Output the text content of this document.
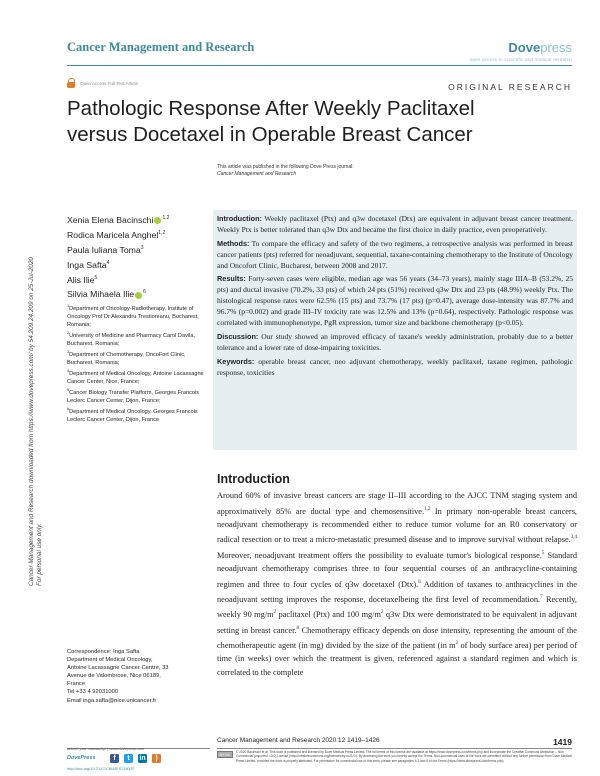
Cancer Management and Research	Dovepress
open access to scientific and medical research
Open Access Full Text Article	ORIGINAL RESEARCH
Pathologic Response After Weekly Paclitaxel
versus Docetaxel in Operable Breast Cancer
This article was published in the following Dove Press journal:
Cancer Management and Research
Xenia Elena Bacinschi $^{1,2}$
Rodica Maricela Anghel$^{1,2}$
Paula Iuliana Toma$^3$
Inga Safta$^4$
Alis Ilie$^5$
Silvia Mihaela Ilie $^6$
$^1$Department of Oncology-Radiotherapy, Institute of Oncology Prof Dr Alexandru Trestioreanu, Bucharest, Romania;
$^2$University of Medicine and Pharmacy Carol Davila, Bucharest, Romania;
$^3$Department of Chemotherapy, OncoFort Clinic, Bucharest, Romania;
$^4$Department of Medical Oncology, Antoine Lacassagne Cancer Center, Nice, France;
$^5$Cancer Biology Transfer Platform, Georges Francois Leclerc Cancer Center, Dijon, France;
$^6$Department of Medical Oncology, Georges Francois Leclerc Cancer Center, Dijon, France

Introduction: Weekly paclitaxel (Ptx) and q3w docetaxel (Dtx) are equivalent in adjuvant breast cancer treatment. Weekly Ptx is better tolerated than q3w Dtx and became the first choice in daily practice, even preoperatively.

Methods: To compare the efficacy and safety of the two regimens, a retrospective analysis was performed in breast cancer patients (pts) referred for neoadjuvant, sequential, taxane-containing chemotherapy to the Institute of Oncology and Oncofort Clinic, Bucharest, between 2008 and 2017.

Results: Forty-seven cases were eligible, median age was 56 years (34–73 years), mainly stage IIIA–B (53.2%, 25 pts) and ductal invasive (70.2%, 33 pts) of which 24 pts (51%) received q3w Dtx and 23 pts (48.9%) weekly Ptx. The histological response rates were 62.5% (15 pts) and 73.7% (17 pts) (p=0.47), average dose-intensity was 87.7% and 96.7% (p=0.002) and grade III–IV toxicity rate was 12.5% and 13% (p=0.64), respectively. Pathologic response was correlated with immunophenotype, PgR expression, tumor size and backbone chemotherapy (p<0.05).

Discussion: Our study showed an improved efficacy of taxane's weekly administration, probably due to a better tolerance and a lower rate of dose-impairing toxicities.

Keywords: operable breast cancer, neo adjuvant chemotherapy, weekly paclitaxel, taxane regimen, pathologic response, toxicities

Introduction
Around 60% of invasive breast cancers are stage II–III according to the AJCC TNM staging system and approximatively 85% are ductal type and chemosensitive.$^{1,2}$ In primary non-operable breast cancers, neoadjuvant chemotherapy is recommended either to reduce tumor volume for an R0 conservatory or radical resection or to treat a micro-metastatic presumed disease and to improve survival without relapse.$^{3,4}$ Moreover, neoadjuvant treatment offers the possibility to evaluate tumor's biological response.$^5$ Standard neoadjuvant chemotherapy comprises three to four sequential courses of an anthracycline-containing regimen and three to four cycles of q3w docetaxel (Dtx).$^6$ Addition of taxanes to anthracyclines in the neoadjuvant setting improves the response, docetaxelbeing the first level of recommendation.$^7$ Recently, weekly 90 $mg/m^2$ paclitaxel (Ptx) and 100 $mg/m^2$ q3w Dtx were demonstrated to be equivalent in adjuvant setting in breast cancer.$^8$ Chemotherapy efficacy depends on dose intensity, representing the amount of the chemotherapeutic agent (in mg) divided by the size of the patient (in $m^2$ of body surface area) per period of time (in weeks) over which the treatment is given, referenced against a standard regimen and which is correlated to the complete
Correspondence: Inga Safta
Department of Medical Oncology,
Antoine Lacassagne Cancer Centre, 33
Avenue de Valombrose, Nice 06189,
France
Tel +33 4 92031000
Email inga.safta@nice.unicancer.fr
Cancer Management and Research downloaded from https://www.dovepress.com/ by 54.209.24.209 on 25-Jul-2020 For personal use only.
Cancer Management and Research 2020:12 1419–1426	1419
submit your manuscript | www.dovepress.com
DovePress	f	t	in	)
http://doi.org/10.2147/CMAR.S218337
BY NC
© 2020 Bacinschi et al. This work is published and licensed by Dove Medical Press Limited. The full terms of this license are available at https://www.dovepress.com/terms.php and incorporate the Creative Commons Attribution – Non Commercial (unported, v3.0) License (http://creativecommons.org/licenses/by-nc/3.0/). By accessing the work you hereby accept the Terms. Non-commercial uses of the work are permitted without any further permission from Dove Medical Press Limited, provided the work is properly attributed. For permission for commercial use of this work, please see paragraphs 4.2 and 5 of our Terms (https://www.dovepress.com/terms.php).
